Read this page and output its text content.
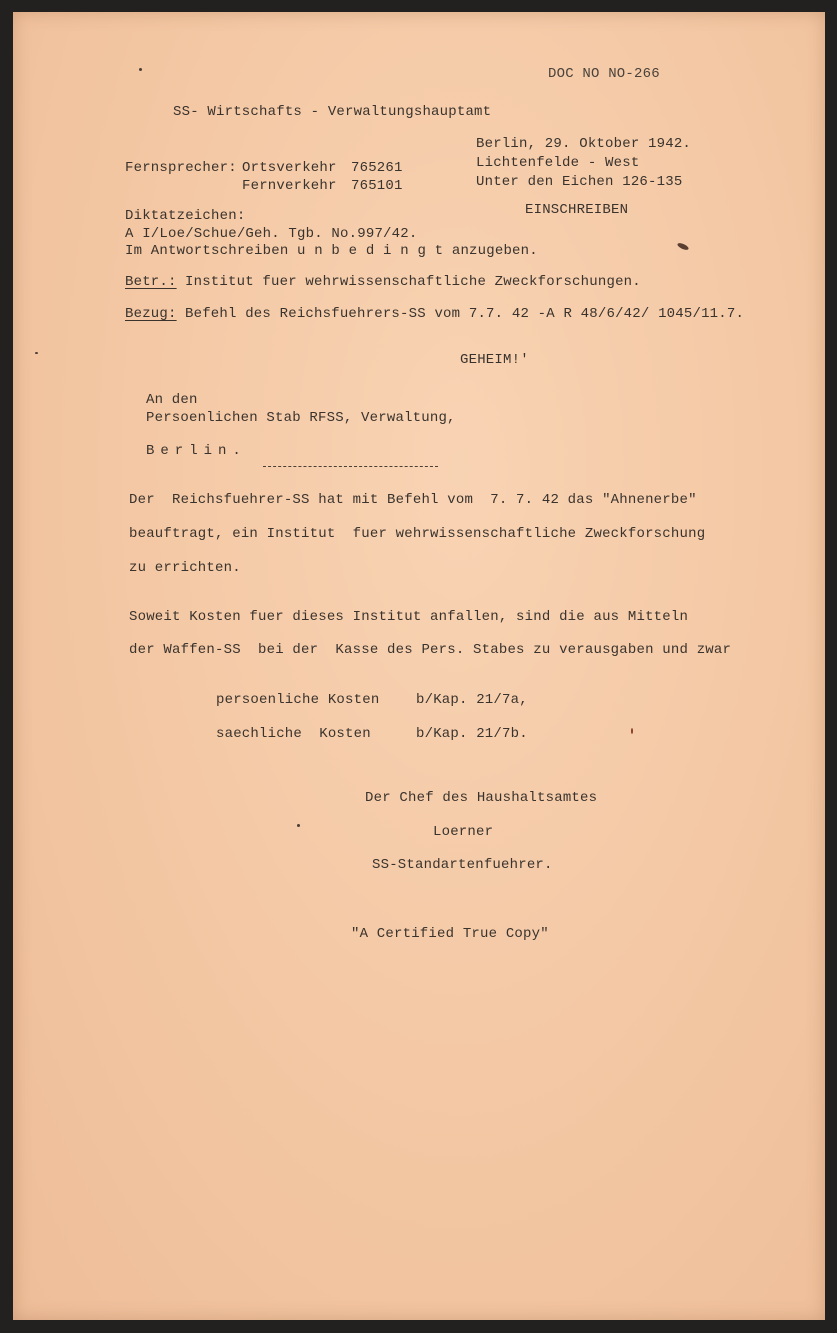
DOC NO NO-266

SS- Wirtschafts - Verwaltungshauptamt

Berlin, 29. Oktober 1942.

Lichtenfelde - West

Unter den Eichen 126-135

Fernsprecher: Ortsverkehr 765261

Fernverkehr 765101

EINSCHREIBEN

Diktatzeichen:

A I/Loe/Schue/Geh. Tgb. No.997/42.

Im Antwortschreiben u n b e d i n g t anzugeben.

Betr.: Institut fuer wehrwissenschaftliche Zweckforschungen.

Bezug: Befehl des Reichsfuehrers-SS vom 7.7. 42 -A R 48/6/42/ 1045/11.7.

GEHEIM!'

An den

Persoenlichen Stab RFSS, Verwaltung,

Berlin.

Der  Reichsfuehrer-SS hat mit Befehl vom  7. 7. 42 das "Ahnenerbe"

beauftragt, ein Institut  fuer wehrwissenschaftliche Zweckforschung

zu errichten.

Soweit Kosten fuer dieses Institut anfallen, sind die aus Mitteln

der Waffen-SS  bei der  Kasse des Pers. Stabes zu verausgaben und zwar

persoenliche Kosten	b/Kap. 21/7a,

saechliche  Kosten	b/Kap. 21/7b.

Der Chef des Haushaltsamtes

Loerner

SS-Standartenfuehrer.

"A Certified True Copy"
